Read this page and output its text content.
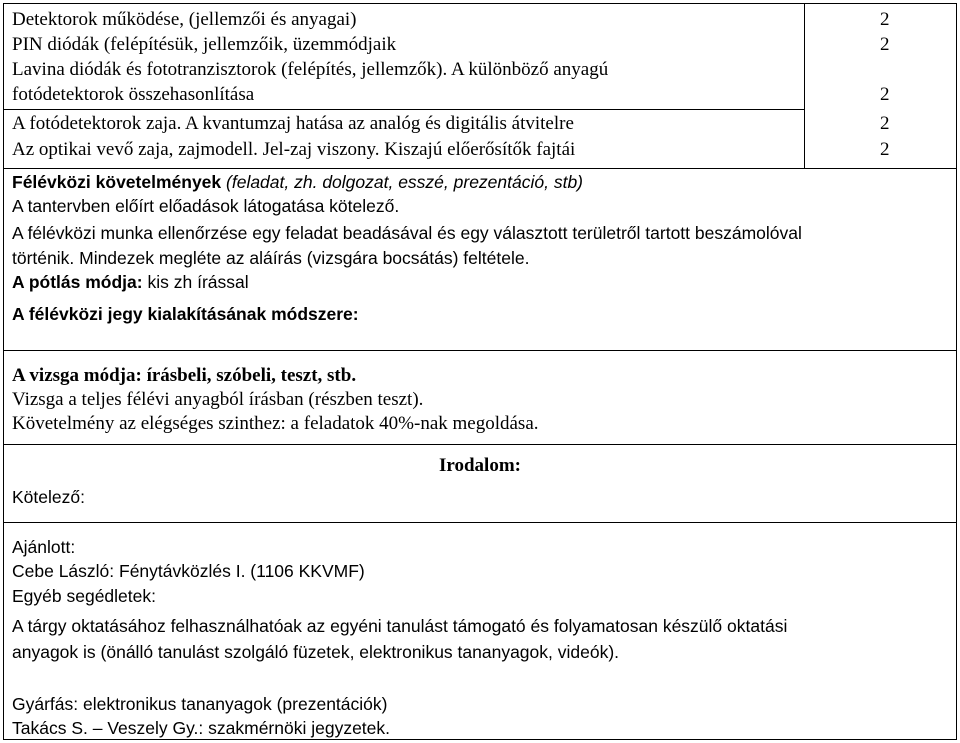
Detektorok működése, (jellemzői és anyagai)	2
PIN diódák (felépítésük, jellemzőik, üzemmódjaik	2
Lavina diódák és fototranzisztorok (felépítés, jellemzők). A különböző anyagú
fotódetektorok összehasonlítása	2
A fotódetektorok zaja. A kvantumzaj hatása az analóg és digitális átvitelre	2
Az optikai vevő zaja, zajmodell. Jel-zaj viszony. Kiszajú előerősítők fajtái	2
Félévközi követelmények (feladat, zh. dolgozat, esszé, prezentáció, stb)
A tantervben előírt előadások látogatása kötelező.
A félévközi munka ellenőrzése egy feladat beadásával és egy választott területről tartott beszámolóval
történik. Mindezek megléte az aláírás (vizsgára bocsátás) feltétele.
A pótlás módja: kis zh írással
A félévközi jegy kialakításának módszere:
A vizsga módja: írásbeli, szóbeli, teszt, stb.
Vizsga a teljes félévi anyagból írásban (részben teszt).
Követelmény az elégséges szinthez: a feladatok 40%-nak megoldása.
Irodalom:
Kötelező:
Ajánlott:
Cebe László: Fénytávközlés I. (1106 KKVMF)
Egyéb segédletek:
A tárgy oktatásához felhasználhatóak az egyéni tanulást támogató és folyamatosan készülő oktatási
anyagok is (önálló tanulást szolgáló füzetek, elektronikus tananyagok, videók).
Gyárfás: elektronikus tananyagok (prezentációk)
Takács S. – Veszely Gy.: szakmérnöki jegyzetek.
